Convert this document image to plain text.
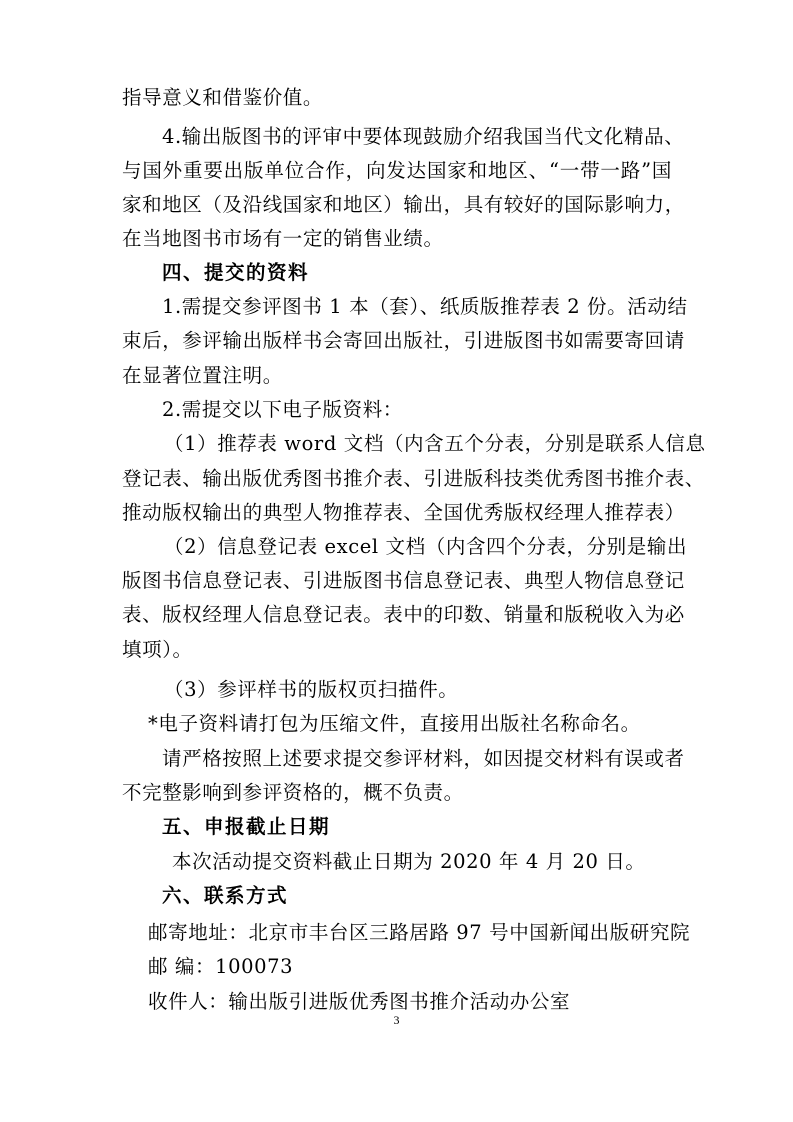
指导意义和借鉴价值。
4.输出版图书的评审中要体现鼓励介绍我国当代文化精品、
与国外重要出版单位合作，向发达国家和地区、“一带一路”国
家和地区（及沿线国家和地区）输出，具有较好的国际影响力，
在当地图书市场有一定的销售业绩。
四、提交的资料
1.需提交参评图书 1 本（套）、纸质版推荐表 2 份。活动结
束后，参评输出版样书会寄回出版社，引进版图书如需要寄回请
在显著位置注明。
2.需提交以下电子版资料：
（1）推荐表 word 文档（内含五个分表，分别是联系人信息
登记表、输出版优秀图书推介表、引进版科技类优秀图书推介表、
推动版权输出的典型人物推荐表、全国优秀版权经理人推荐表）
（2）信息登记表 excel 文档（内含四个分表，分别是输出
版图书信息登记表、引进版图书信息登记表、典型人物信息登记
表、版权经理人信息登记表。表中的印数、销量和版税收入为必
填项）。
（3）参评样书的版权页扫描件。
*电子资料请打包为压缩文件，直接用出版社名称命名。
请严格按照上述要求提交参评材料，如因提交材料有误或者
不完整影响到参评资格的，概不负责。
五、申报截止日期
本次活动提交资料截止日期为 2020 年 4 月 20 日。
六、联系方式
邮寄地址：北京市丰台区三路居路 97 号中国新闻出版研究院
邮 编：100073
收件人：输出版引进版优秀图书推介活动办公室
3
